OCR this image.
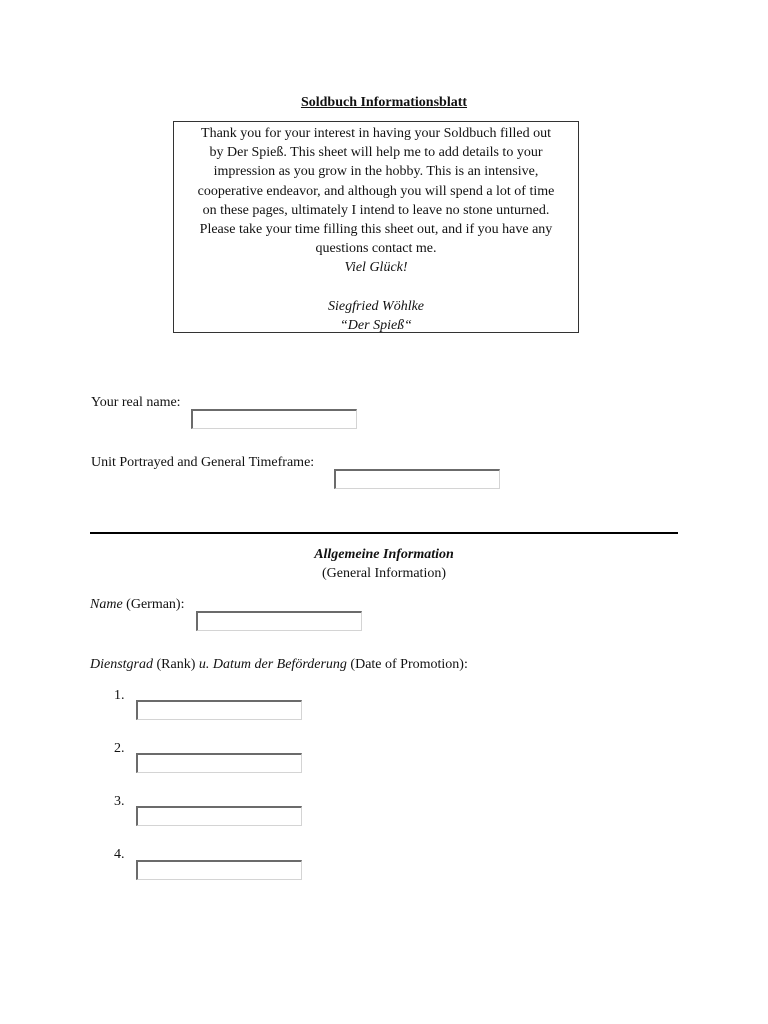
Soldbuch Informationsblatt
Thank you for your interest in having your Soldbuch filled out
by Der Spieß. This sheet will help me to add details to your
impression as you grow in the hobby. This is an intensive,
cooperative endeavor, and although you will spend a lot of time
on these pages, ultimately I intend to leave no stone unturned.
Please take your time filling this sheet out, and if you have any
questions contact me.
Viel Glück!
Siegfried Wöhlke
“Der Spieß“
Your real name:
Unit Portrayed and General Timeframe:
Allgemeine Information
(General Information)
Name (German):
Dienstgrad (Rank) u. Datum der Beförderung (Date of Promotion):
1.
2.
3.
4.
